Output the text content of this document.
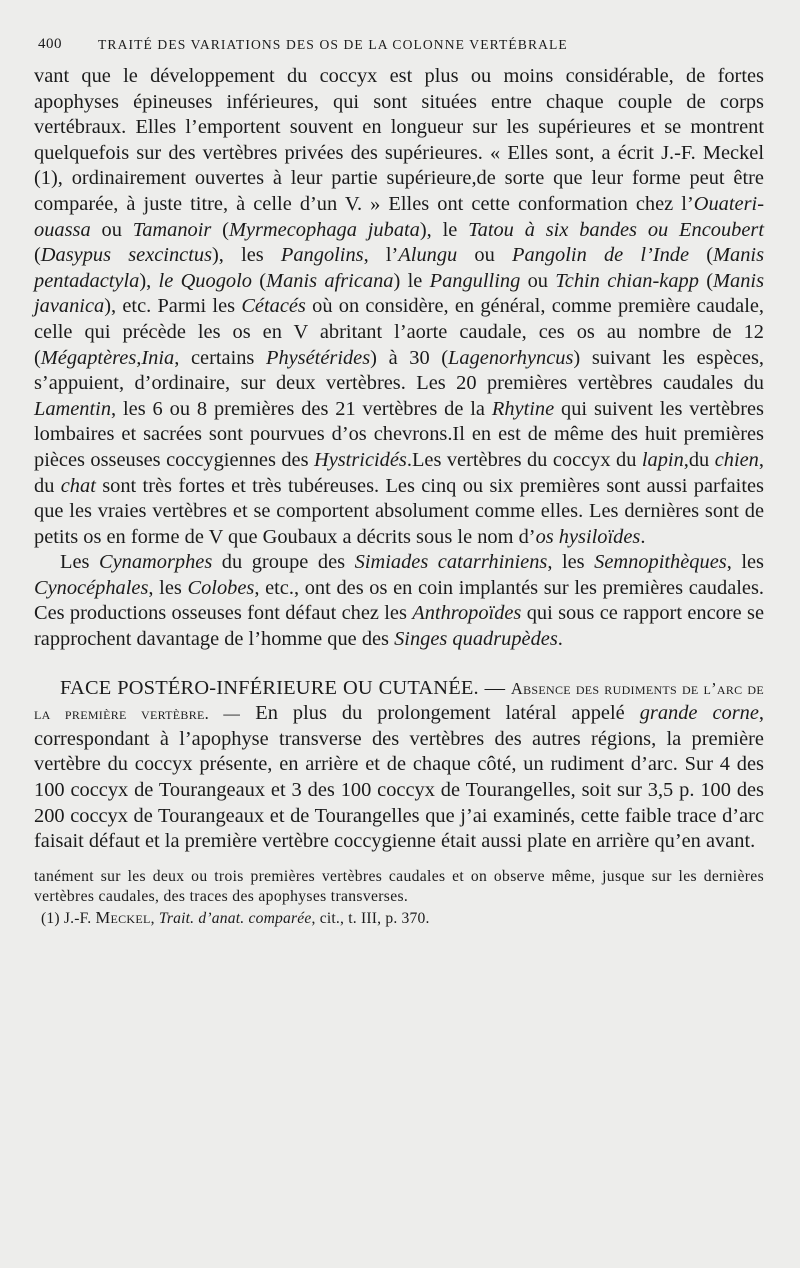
400	TRAITÉ DES VARIATIONS DES OS DE LA COLONNE VERTÉBRALE

vant que le développement du coccyx est plus ou moins considérable, de fortes apophyses épineuses inférieures, qui sont situées entre chaque couple de corps vertébraux. Elles l’emportent souvent en longueur sur les supérieures et se montrent quelquefois sur des vertèbres privées des supérieures. « Elles sont, a écrit J.-F. Meckel (1), ordinairement ouvertes à leur partie supérieure,de sorte que leur forme peut être comparée, à juste titre, à celle d’un V. » Elles ont cette conformation chez l’Ouateri-ouassa ou Tamanoir (Myrmecophaga jubata), le Tatou à six bandes ou Encoubert (Dasypus sexcinctus), les Pangolins, l’Alungu ou Pangolin de l’Inde (Manis pentadactyla), le Quogolo (Manis africana) le Pangulling ou Tchin chian-kapp (Manis javanica), etc. Parmi les Cétacés où on considère, en général, comme première caudale, celle qui précède les os en V abritant l’aorte caudale, ces os au nombre de 12 (Mégaptères,Inia, certains Physétérides) à 30 (Lagenorhyncus) suivant les espèces, s’appuient, d’ordinaire, sur deux vertèbres. Les 20 premières vertèbres caudales du Lamentin, les 6 ou 8 premières des 21 vertèbres de la Rhytine qui suivent les vertèbres lombaires et sacrées sont pourvues d’os chevrons.Il en est de même des huit premières pièces osseuses coccygiennes des Hystricidés.Les vertèbres du coccyx du lapin,du chien, du chat sont très fortes et très tubéreuses. Les cinq ou six premières sont aussi parfaites que les vraies vertèbres et se comportent absolument comme elles. Les dernières sont de petits os en forme de V que Goubaux a décrits sous le nom d’os hysiloïdes.

Les Cynamorphes du groupe des Simiades catarrhiniens, les Semnopithèques, les Cynocéphales, les Colobes, etc., ont des os en coin implantés sur les premières caudales. Ces productions osseuses font défaut chez les Anthropoïdes qui sous ce rapport encore se rapprochent davantage de l’homme que des Singes quadrupèdes.

FACE POSTÉRO-INFÉRIEURE OU CUTANÉE. — Absence des rudiments de l’arc de la première vertèbre. — En plus du prolongement latéral appelé grande corne, correspondant à l’apophyse transverse des vertèbres des autres régions, la première vertèbre du coccyx présente, en arrière et de chaque côté, un rudiment d’arc. Sur 4 des 100 coccyx de Tourangeaux et 3 des 100 coccyx de Tourangelles, soit sur 3,5 p. 100 des 200 coccyx de Tourangeaux et de Tourangelles que j’ai examinés, cette faible trace d’arc faisait défaut et la première vertèbre coccygienne était aussi plate en arrière qu’en avant.

tanément sur les deux ou trois premières vertèbres caudales et on observe même, jusque sur les dernières vertèbres caudales, des traces des apophyses transverses.

(1) J.-F. Meckel, Trait. d’anat. comparée, cit., t. III, p. 370.
